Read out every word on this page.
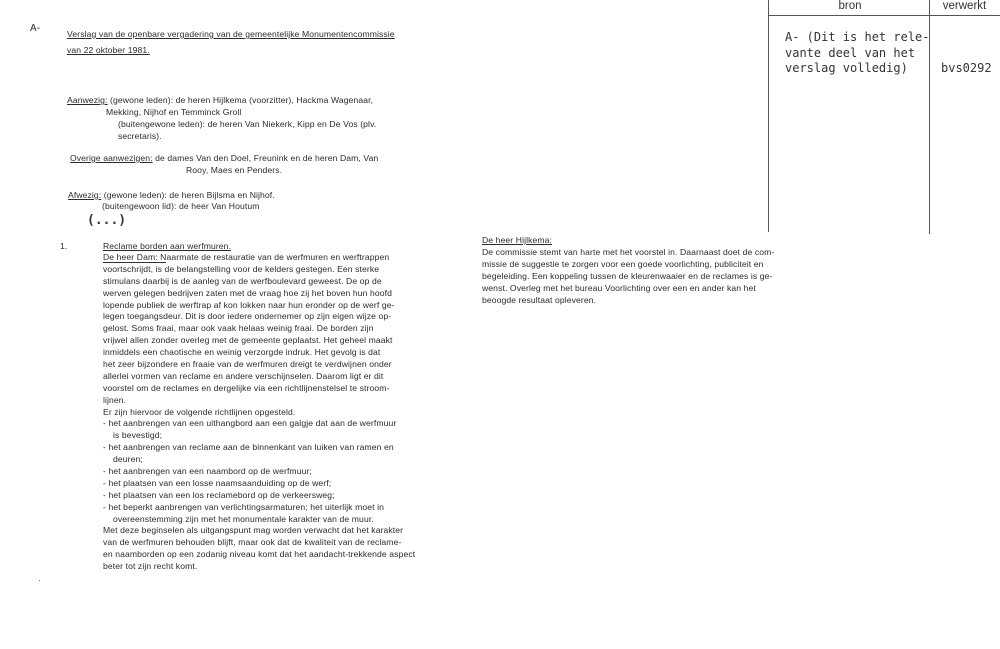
bron	verwerkt
A- (Dit is het rele-
vante deel van het
verslag volledig)	bvs0292
A-	Verslag van de openbare vergadering van de gemeentelijke Monumentencommissie
van 22 oktober 1981.
Aanwezig: (gewone leden): de heren Hijlkema (voorzitter), Hackma Wagenaar,
Mekking, Nijhof en Temminck Groll
(buitengewone leden): de heren Van Niekerk, Kipp en De Vos (plv.
secretaris).
Overige aanwezigen: de dames Van den Doel, Freunink en de heren Dam, Van
Rooy, Maes en Penders.
Afwezig: (gewone leden): de heren Bijlsma en Nijhof.
(buitengewoon lid): de heer Van Houtum
(...)
1.	Reclame borden aan werfmuren.
De heer Dam: Naarmate de restauratie van de werfmuren en werftrappen
voortschrijdt, is de belangstelling voor de kelders gestegen. Een sterke
stimulans daarbij is de aanleg van de werfboulevard geweest. De op de
werven gelegen bedrijven zaten met de vraag hoe zij het boven hun hoofd
lopende publiek de werftrap af kon lokken naar hun eronder op de werf ge-
legen toegangsdeur. Dit is door iedere ondernemer op zijn eigen wijze op-
gelost. Soms fraai, maar ook vaak helaas weinig fraai. De borden zijn
vrijwel allen zonder overleg met de gemeente geplaatst. Het geheel maakt
inmiddels een chaotische en weinig verzorgde indruk. Het gevolg is dat
het zeer bijzondere en fraaie van de werfmuren dreigt te verdwijnen onder
allerlei vormen van reclame en andere verschijnselen. Daarom ligt er dit
voorstel om de reclames en dergelijke via een richtlijnenstelsel te stroom-
lijnen.
Er zijn hiervoor de volgende richtlijnen opgesteld.
- het aanbrengen van een uithangbord aan een galgje dat aan de werfmuur
is bevestigd;
- het aanbrengen van reclame aan de binnenkant van luiken van ramen en
deuren;
- het aanbrengen van een naambord op de werfmuur;
- het plaatsen van een losse naamsaanduiding op de werf;
- het plaatsen van een los reclamebord op de verkeersweg;
- het beperkt aanbrengen van verlichtingsarmaturen; het uiterlijk moet in
overeenstemming zijn met het monumentale karakter van de muur.
Met deze beginselen als uitgangspunt mag worden verwacht dat het karakter
van de werfmuren behouden blijft, maar ook dat de kwaliteit van de reclame-
en naamborden op een zodanig niveau komt dat het aandacht-trekkende aspect
beter tot zijn recht komt.
De heer Hijlkema:
De commissie stemt van harte met het voorstel in. Daarnaast doet de com-
missie de suggestie te zorgen voor een goede voorlichting, publiciteit en
begeleiding. Een koppeling tussen de kleurenwaaier en de reclames is ge-
wenst. Overleg met het bureau Voorlichting over een en ander kan het
beoogde resultaat opleveren.
·
